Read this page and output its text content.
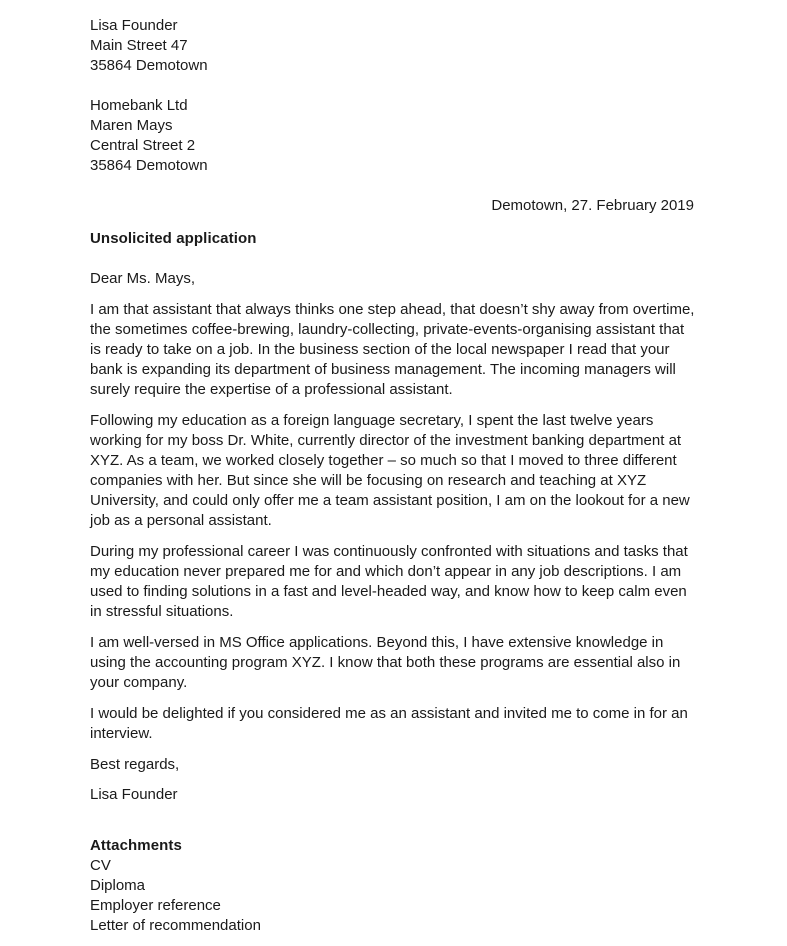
Lisa Founder
Main Street 47
35864 Demotown
Homebank Ltd
Maren Mays
Central Street 2
35864 Demotown
Demotown, 27. February 2019
Unsolicited application
Dear Ms. Mays,
I am that assistant that always thinks one step ahead, that doesn’t shy away from overtime, the sometimes coffee-brewing, laundry-collecting, private-events-organising assistant that is ready to take on a job. In the business section of the local newspaper I read that your bank is expanding its department of business management. The incoming managers will surely require the expertise of a professional assistant.
Following my education as a foreign language secretary, I spent the last twelve years working for my boss Dr. White, currently director of the investment banking department at XYZ. As a team, we worked closely together – so much so that I moved to three different companies with her. But since she will be focusing on research and teaching at XYZ University, and could only offer me a team assistant position, I am on the lookout for a new job as a personal assistant.
During my professional career I was continuously confronted with situations and tasks that my education never prepared me for and which don’t appear in any job descriptions. I am used to finding solutions in a fast and level-headed way, and know how to keep calm even in stressful situations.
I am well-versed in MS Office applications. Beyond this, I have extensive knowledge in using the accounting program XYZ. I know that both these programs are essential also in your company.
I would be delighted if you considered me as an assistant and invited me to come in for an interview.
Best regards,
Lisa Founder
Attachments
CV
Diploma
Employer reference
Letter of recommendation
